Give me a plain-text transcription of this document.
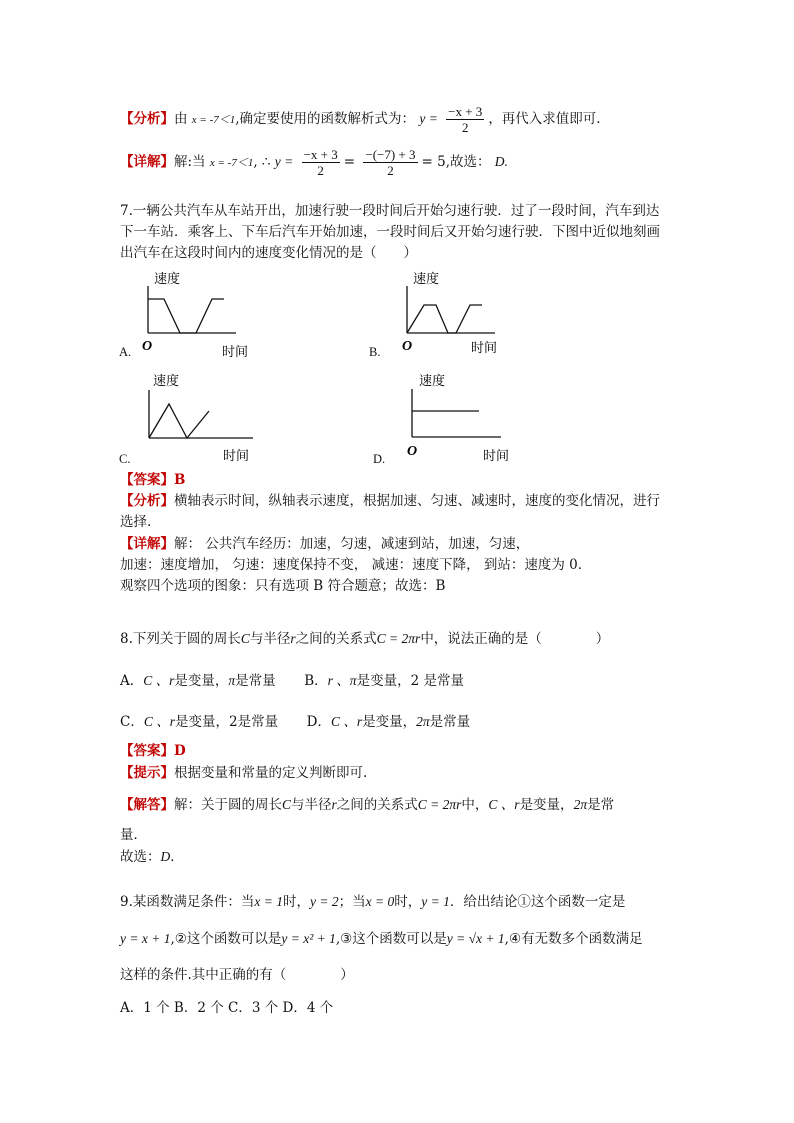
【分析】由 x = -7＜1,确定要使用的函数解析式为： $y = \frac{-x + 3}{2}$ ，再代入求值即可.
【详解】解:当 x = -7＜1, ∴ $y = \frac{-x + 3}{2} = \frac{-(-7) + 3}{2} = 5$,故选： D.
7.一辆公共汽车从车站开出，加速行驶一段时间后开始匀速行驶．过了一段时间，汽车到达
下一车站．乘客上、下车后汽车开始加速，一段时间后又开始匀速行驶．下图中近似地刻画
出汽车在这段时间内的速度变化情况的是（　　）
速度
O	时间
A.
速度
O	时间
B.
速度
时间
C.
速度
O	时间
D.
【答案】B
【分析】横轴表示时间，纵轴表示速度，根据加速、匀速、减速时，速度的变化情况，进行
选择.
【详解】解： 公共汽车经历：加速，匀速，减速到站，加速，匀速，
加速：速度增加， 匀速：速度保持不变， 减速：速度下降， 到站：速度为 0．
观察四个选项的图象：只有选项 B 符合题意；故选：B
8.下列关于圆的周长C与半径r之间的关系式C = 2πr中，说法正确的是（　　　　）
A．C 、r是变量，π是常量 B．r 、π是变量，2 是常量
C．C 、r是变量，2是常量 D．C 、r是变量，2π是常量
【答案】D
【提示】根据变量和常量的定义判断即可.
【解答】解：关于圆的周长C与半径r之间的关系式C = 2πr中，C 、r是变量，2π是常
量．
故选：D．
9.某函数满足条件：当x = 1时，y = 2；当x = 0时，y = 1．给出结论①这个函数一定是
y = x + 1,②这个函数可以是y = x² + 1,③这个函数可以是y = √x + 1,④有无数多个函数满足
这样的条件.其中正确的有（　　　　）
A．1 个 B．2 个 C．3 个 D．4 个
